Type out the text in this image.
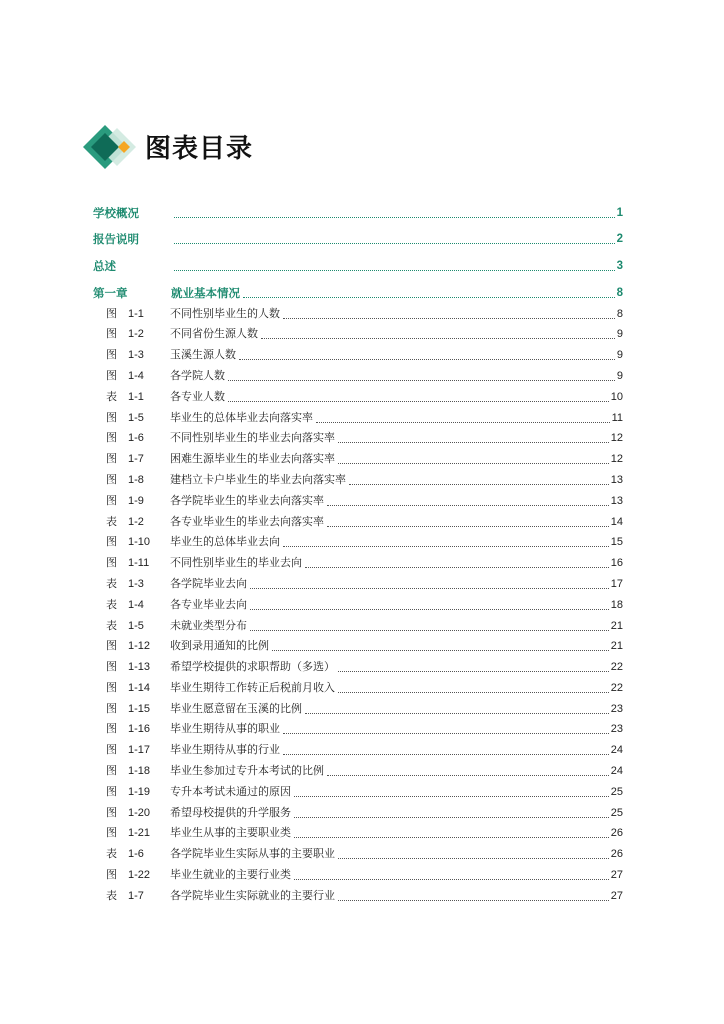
图表目录
学校概况	1
报告说明	2
总述	3
第一章	就业基本情况	8
图	1-1	不同性别毕业生的人数	8
图	1-2	不同省份生源人数	9
图	1-3	玉溪生源人数	9
图	1-4	各学院人数	9
表	1-1	各专业人数	10
图	1-5	毕业生的总体毕业去向落实率	11
图	1-6	不同性别毕业生的毕业去向落实率	12
图	1-7	困难生源毕业生的毕业去向落实率	12
图	1-8	建档立卡户毕业生的毕业去向落实率	13
图	1-9	各学院毕业生的毕业去向落实率	13
表	1-2	各专业毕业生的毕业去向落实率	14
图	1-10	毕业生的总体毕业去向	15
图	1-11	不同性别毕业生的毕业去向	16
表	1-3	各学院毕业去向	17
表	1-4	各专业毕业去向	18
表	1-5	未就业类型分布	21
图	1-12	收到录用通知的比例	21
图	1-13	希望学校提供的求职帮助（多选）	22
图	1-14	毕业生期待工作转正后税前月收入	22
图	1-15	毕业生愿意留在玉溪的比例	23
图	1-16	毕业生期待从事的职业	23
图	1-17	毕业生期待从事的行业	24
图	1-18	毕业生参加过专升本考试的比例	24
图	1-19	专升本考试未通过的原因	25
图	1-20	希望母校提供的升学服务	25
图	1-21	毕业生从事的主要职业类	26
表	1-6	各学院毕业生实际从事的主要职业	26
图	1-22	毕业生就业的主要行业类	27
表	1-7	各学院毕业生实际就业的主要行业	27
